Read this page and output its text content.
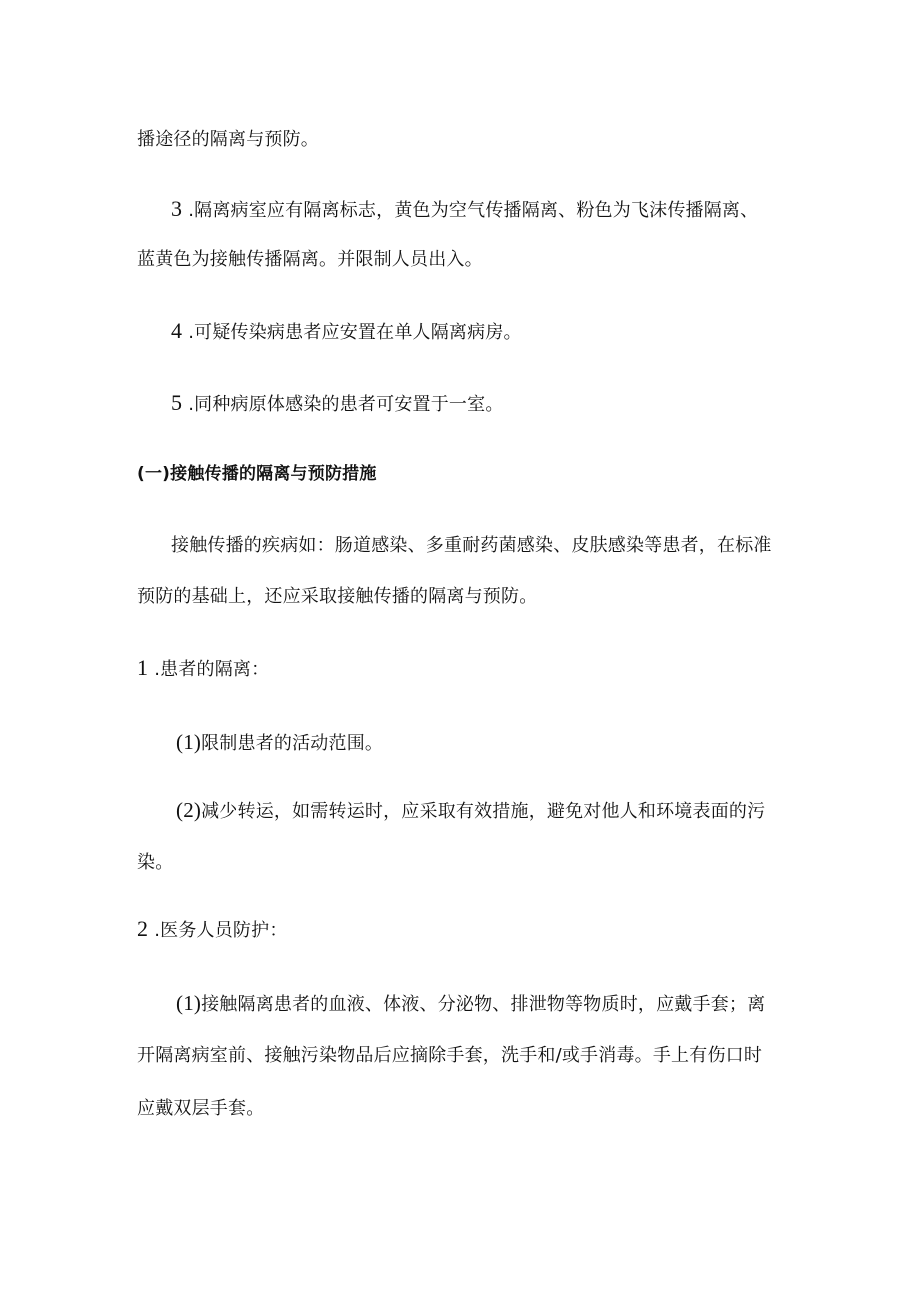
播途径的隔离与预防。
3 .隔离病室应有隔离标志，黄色为空气传播隔离、粉色为飞沫传播隔离、
蓝黄色为接触传播隔离。并限制人员出入。
4 .可疑传染病患者应安置在单人隔离病房。
5 .同种病原体感染的患者可安置于一室。
(一)接触传播的隔离与预防措施
接触传播的疾病如：肠道感染、多重耐药菌感染、皮肤感染等患者，在标准
预防的基础上，还应采取接触传播的隔离与预防。
1 .患者的隔离：
(1)限制患者的活动范围。
(2)减少转运，如需转运时，应采取有效措施，避免对他人和环境表面的污
染。
2 .医务人员防护：
(1)接触隔离患者的血液、体液、分泌物、排泄物等物质时，应戴手套；离
开隔离病室前、接触污染物品后应摘除手套，洗手和/或手消毒。手上有伤口时
应戴双层手套。
